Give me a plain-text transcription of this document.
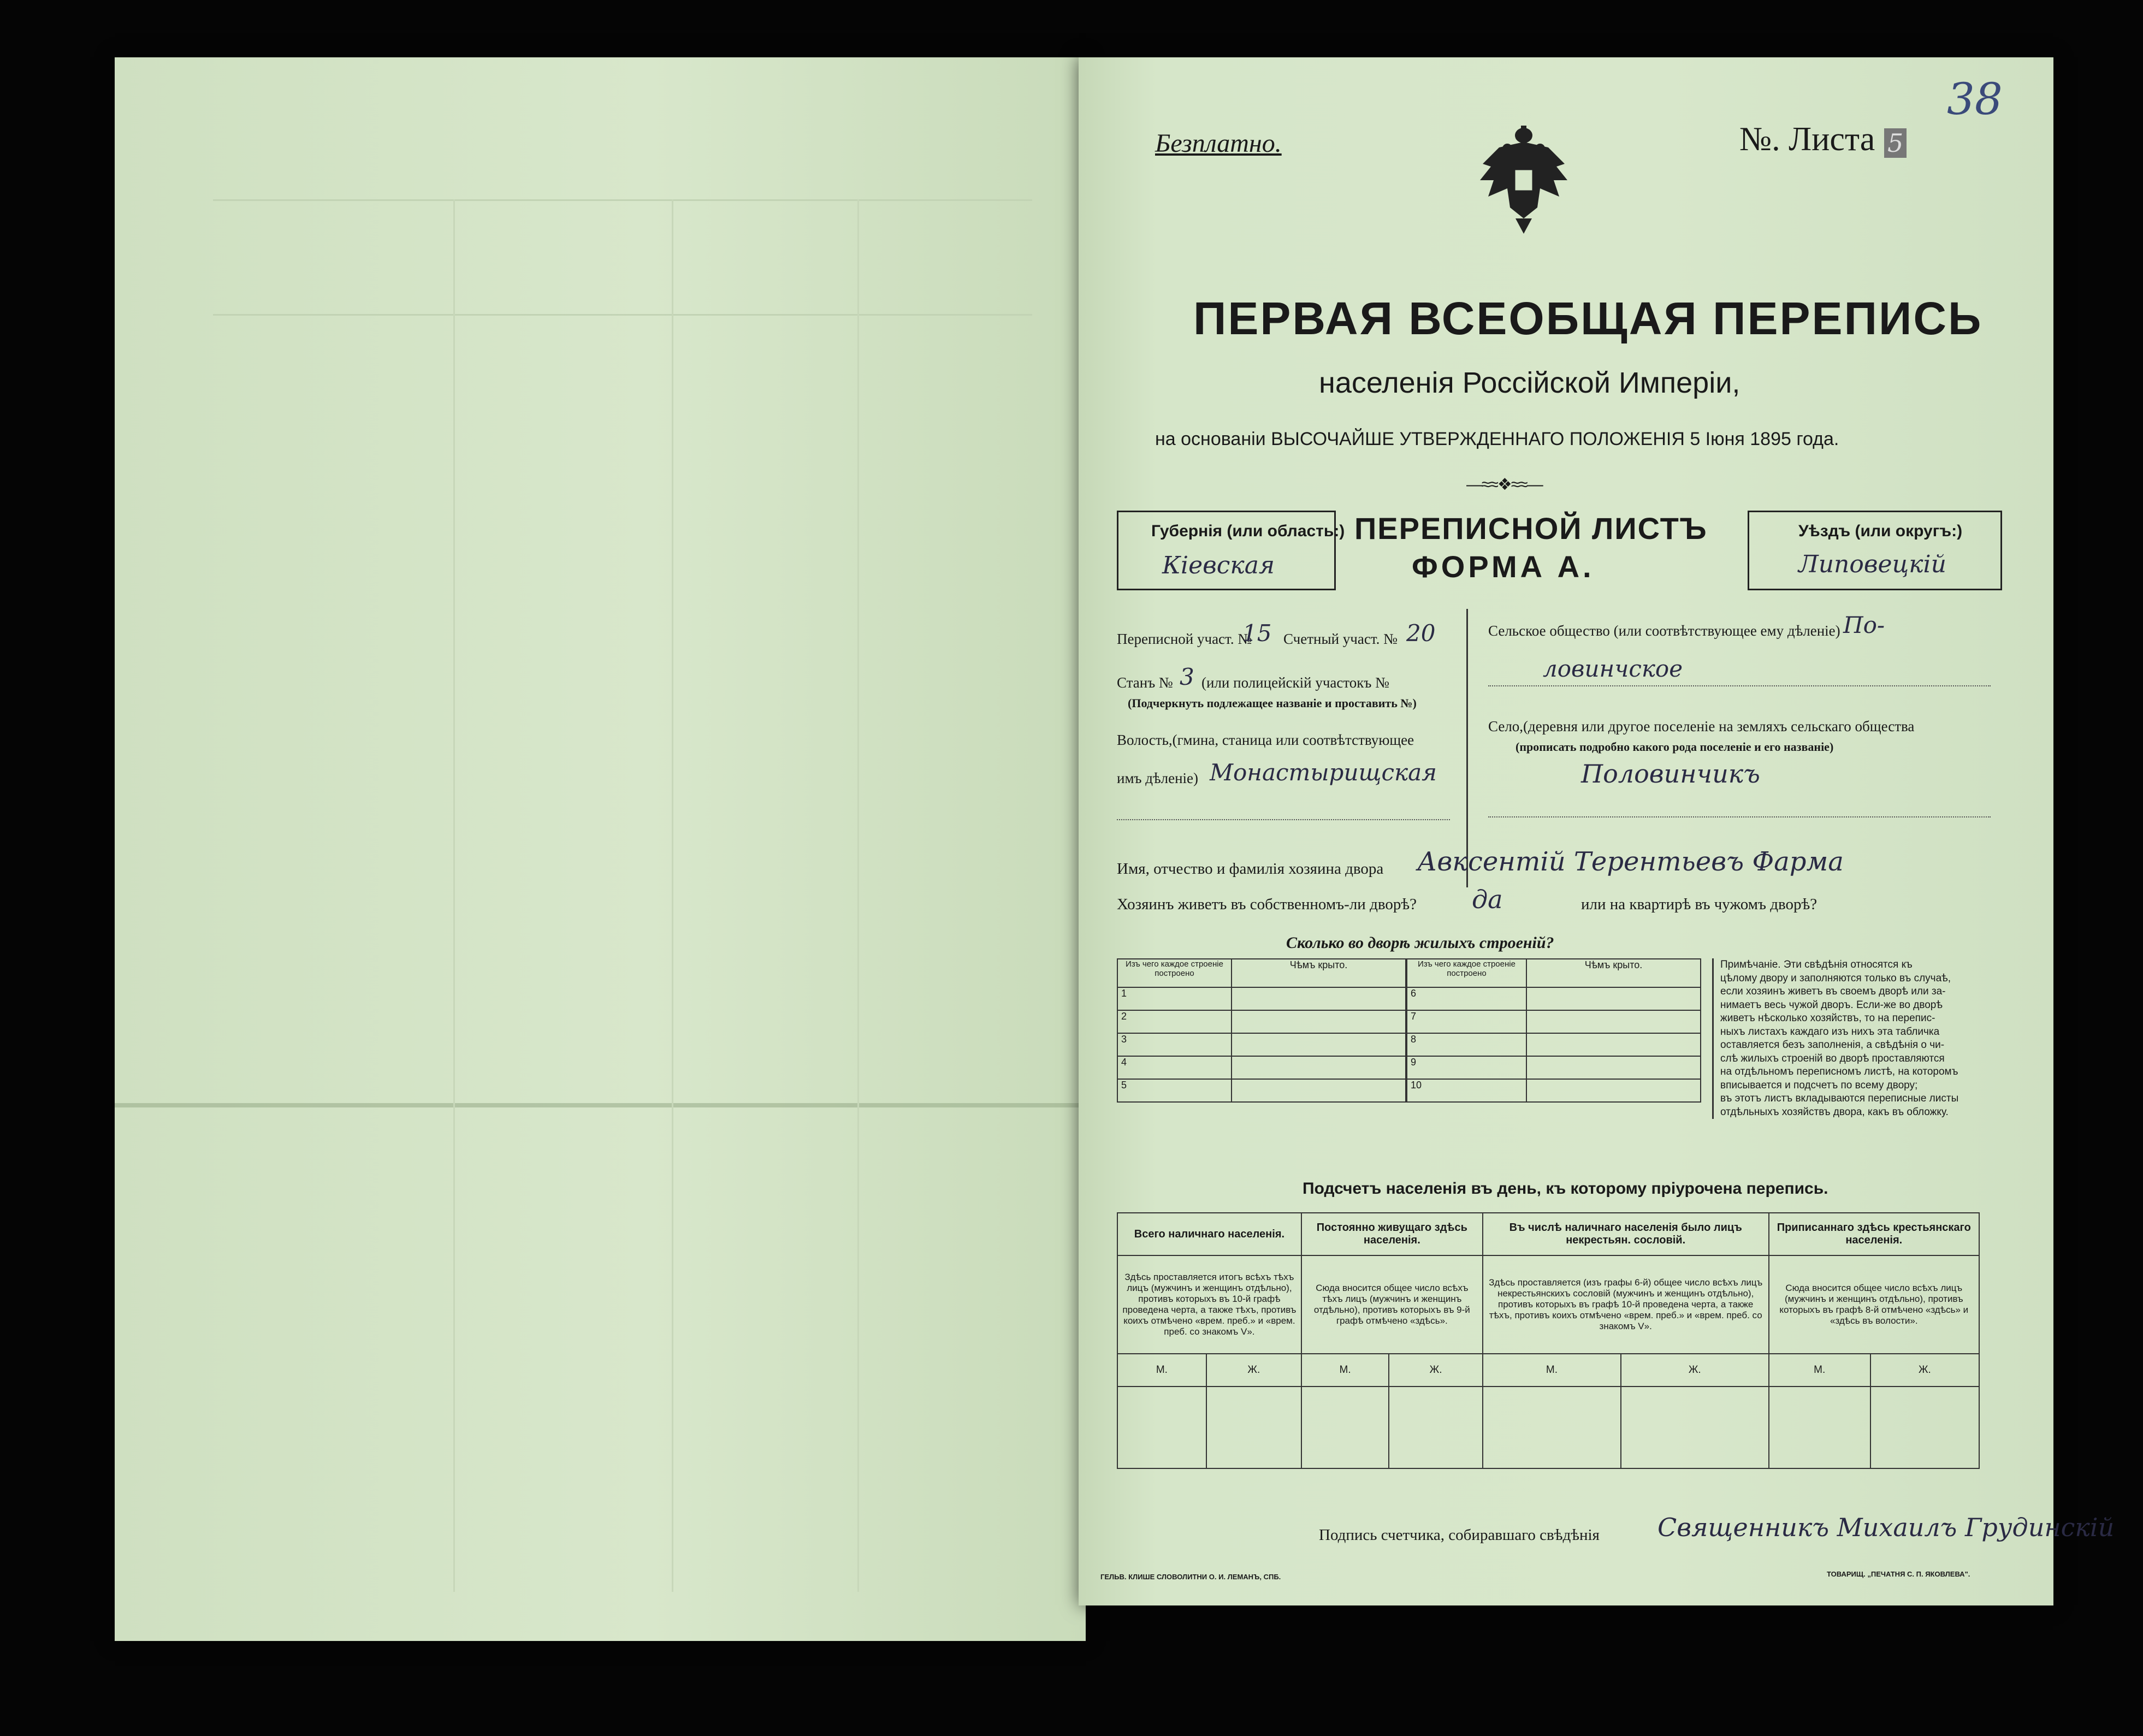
38
Безплатно.	№. Листа 5
ПЕРВАЯ ВСЕОБЩАЯ ПЕРЕПИСЬ
населенія Россійской Имперіи,
на основаніи ВЫСОЧАЙШЕ УТВЕРЖДЕННАГО ПОЛОЖЕНІЯ 5 Іюня 1895 года.
—≈≈❖≈≈—
Губернія (или область:)
Кіевская
ПЕРЕПИСНОЙ ЛИСТЪ
ФОРМА А.
Уѣздъ (или округъ:)
Липовецкій
Переписной участ. №
15 Счетный участ. № 20
Станъ № 3 (или полицейскій участокъ №
(Подчеркнуть подлежащее названіе и проставить №)
Волость,(гмина, станица или соотвѣтствующее
имъ дѣленіе) Монастырищская
Сельское общество (или соотвѣтствующее ему дѣленіе) По-
ловинчское
Село,(деревня или другое поселеніе на земляхъ сельскаго общества
(прописать подробно какого рода поселеніе и его названіе)
Половинчикъ
Имя, отчество и фамилія хозяина двора Авксентій Терентьевъ Фарма
Хозяинъ живетъ въ собственномъ-ли дворѣ? да	или на квартирѣ въ чужомъ дворѣ?
Сколько во дворѣ жилыхъ строеній?
Изъ чего каждое строеніе построено	Чѣмъ крыто.
1	
2	
3	
4	
5	
Изъ чего каждое строеніе построено	Чѣмъ крыто.
6	
7	
8	
9	
10	
Примѣчаніе. Эти свѣдѣнія относятся къ
цѣлому двору и заполняются только въ случаѣ,
если хозяинъ живетъ въ своемъ дворѣ или за-
нимаетъ весь чужой дворъ. Если-же во дворѣ
живетъ нѣсколько хозяйствъ, то на перепис-
ныхъ листахъ каждаго изъ нихъ эта табличка
оставляется безъ заполненія, а свѣдѣнія о чи-
слѣ жилыхъ строеній во дворѣ проставляются
на отдѣльномъ переписномъ листѣ, на которомъ
вписывается и подсчетъ по всему двору;
въ этотъ листъ вкладываются переписные листы
отдѣльныхъ хозяйствъ двора, какъ въ обложку.
Подсчетъ населенія въ день, къ которому пріурочена перепись.
Всего наличнаго населенія.		Постоянно живущаго здѣсь населенія.		Въ числѣ наличнаго населенія было лицъ некрестьян. сословій.		Приписаннаго здѣсь крестьянскаго населенія.	
Здѣсь проставляется итогъ всѣхъ тѣхъ лицъ (мужчинъ и женщинъ отдѣльно), противъ которыхъ въ 10-й графѣ проведена черта, а также тѣхъ, противъ коихъ отмѣчено «врем. преб.» и «врем. преб. со знакомъ V».		Сюда вносится общее число всѣхъ тѣхъ лицъ (мужчинъ и женщинъ отдѣльно), противъ которыхъ въ 9-й графѣ отмѣчено «здѣсь».		Здѣсь проставляется (изъ графы 6-й) общее число всѣхъ лицъ некрестьянскихъ сословій (мужчинъ и женщинъ отдѣльно), противъ которыхъ въ графѣ 10-й проведена черта, а также тѣхъ, противъ коихъ отмѣчено «врем. преб.» и «врем. преб. со знакомъ V».		Сюда вносится общее число всѣхъ лицъ (мужчинъ и женщинъ отдѣльно), противъ которыхъ въ графѣ 8-й отмѣчено «здѣсь» и «здѣсь въ волости».	
М.	Ж.	М.	Ж.	М.	Ж.	М.	Ж.

Подпись счетчика, собиравшаго свѣдѣнія Священникъ Михаилъ Грудинскій
ГЕЛЬВ. КЛИШЕ СЛОВОЛИТНИ О. И. ЛЕМАНЪ, СПБ.	ТОВАРИЩ. „ПЕЧАТНЯ С. П. ЯКОВЛЕВА".
